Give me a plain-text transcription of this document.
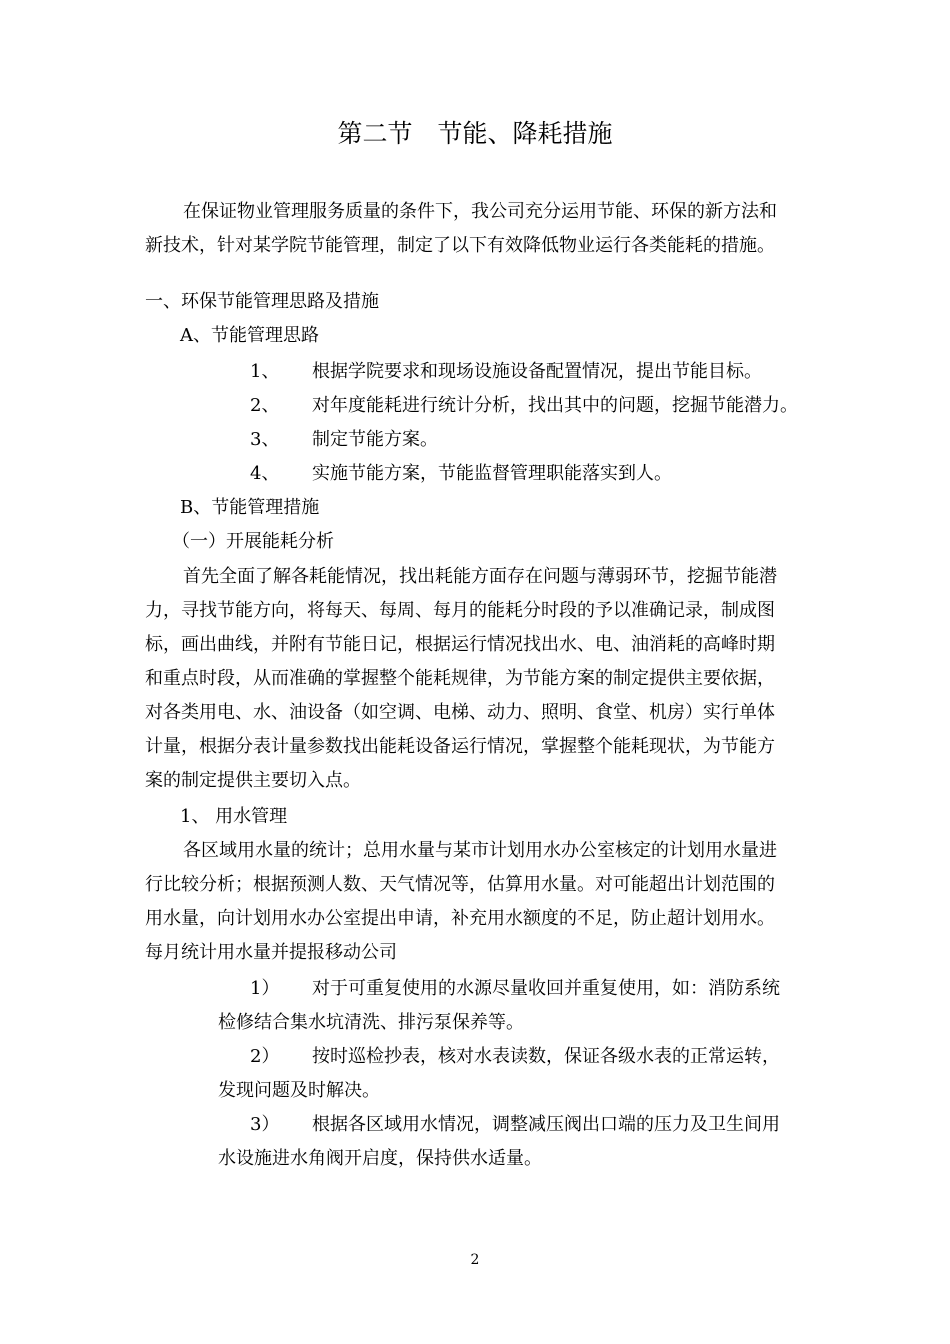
第二节　节能、降耗措施

在保证物业管理服务质量的条件下，我公司充分运用节能、环保的新方法和

新技术，针对某学院节能管理，制定了以下有效降低物业运行各类能耗的措施。

一、环保节能管理思路及措施

A、节能管理思路

1、 根据学院要求和现场设施设备配置情况，提出节能目标。

2、 对年度能耗进行统计分析，找出其中的问题，挖掘节能潜力。

3、 制定节能方案。

4、 实施节能方案，节能监督管理职能落实到人。

B、节能管理措施

（一）开展能耗分析

首先全面了解各耗能情况，找出耗能方面存在问题与薄弱环节，挖掘节能潜

力，寻找节能方向，将每天、每周、每月的能耗分时段的予以准确记录，制成图

标，画出曲线，并附有节能日记，根据运行情况找出水、电、油消耗的高峰时期

和重点时段，从而准确的掌握整个能耗规律，为节能方案的制定提供主要依据，

对各类用电、水、油设备（如空调、电梯、动力、照明、食堂、机房）实行单体

计量，根据分表计量参数找出能耗设备运行情况，掌握整个能耗现状，为节能方

案的制定提供主要切入点。

1、 用水管理

各区域用水量的统计；总用水量与某市计划用水办公室核定的计划用水量进

行比较分析；根据预测人数、天气情况等，估算用水量。对可能超出计划范围的

用水量，向计划用水办公室提出申请，补充用水额度的不足，防止超计划用水。

每月统计用水量并提报移动公司

1） 对于可重复使用的水源尽量收回并重复使用，如：消防系统

检修结合集水坑清洗、排污泵保养等。

2） 按时巡检抄表，核对水表读数，保证各级水表的正常运转，

发现问题及时解决。

3） 根据各区域用水情况，调整减压阀出口端的压力及卫生间用

水设施进水角阀开启度，保持供水适量。

2
